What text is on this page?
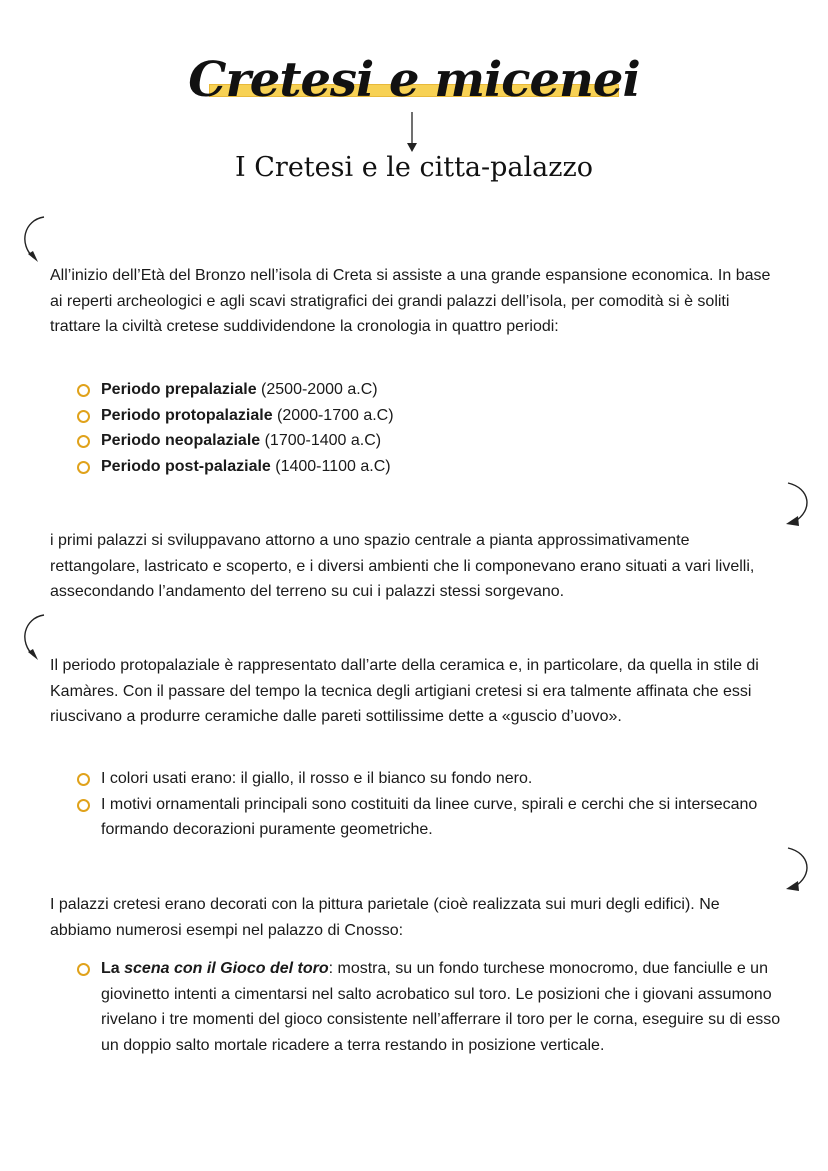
Cretesi e micenei
I Cretesi e le citta-palazzo

All’inizio dell’Età del Bronzo nell’isola di Creta si assiste a una grande espansione economica. In base ai reperti archeologici e agli scavi stratigrafici dei grandi palazzi dell’isola, per comodità si è soliti trattare la civiltà cretese suddividendone la cronologia in quattro periodi:

Periodo prepalaziale (2500-2000 a.C)
Periodo protopalaziale (2000-1700 a.C)
Periodo neopalaziale (1700-1400 a.C)
Periodo post-palaziale (1400-1100 a.C)

i primi palazzi si sviluppavano attorno a uno spazio centrale a pianta approssimativamente rettangolare, lastricato e scoperto, e i diversi ambienti che li componevano erano situati a vari livelli, assecondando l’andamento del terreno su cui i palazzi stessi sorgevano.

Il periodo protopalaziale è rappresentato dall’arte della ceramica e, in particolare, da quella in stile di Kamàres. Con il passare del tempo la tecnica degli artigiani cretesi si era talmente affinata che essi riuscivano a produrre ceramiche dalle pareti sottilissime dette a «guscio d’uovo».

I colori usati erano: il giallo, il rosso e il bianco su fondo nero.
I motivi ornamentali principali sono costituiti da linee curve, spirali e cerchi che si intersecano formando decorazioni puramente geometriche.

I palazzi cretesi erano decorati con la pittura parietale (cioè realizzata sui muri degli edifici). Ne abbiamo numerosi esempi nel palazzo di Cnosso:

La scena con il Gioco del toro: mostra, su un fondo turchese monocromo, due fanciulle e un giovinetto intenti a cimentarsi nel salto acrobatico sul toro. Le posizioni che i giovani assumono rivelano i tre momenti del gioco consistente nell’afferrare il toro per le corna, eseguire su di esso un doppio salto mortale ricadere a terra restando in posizione verticale.
